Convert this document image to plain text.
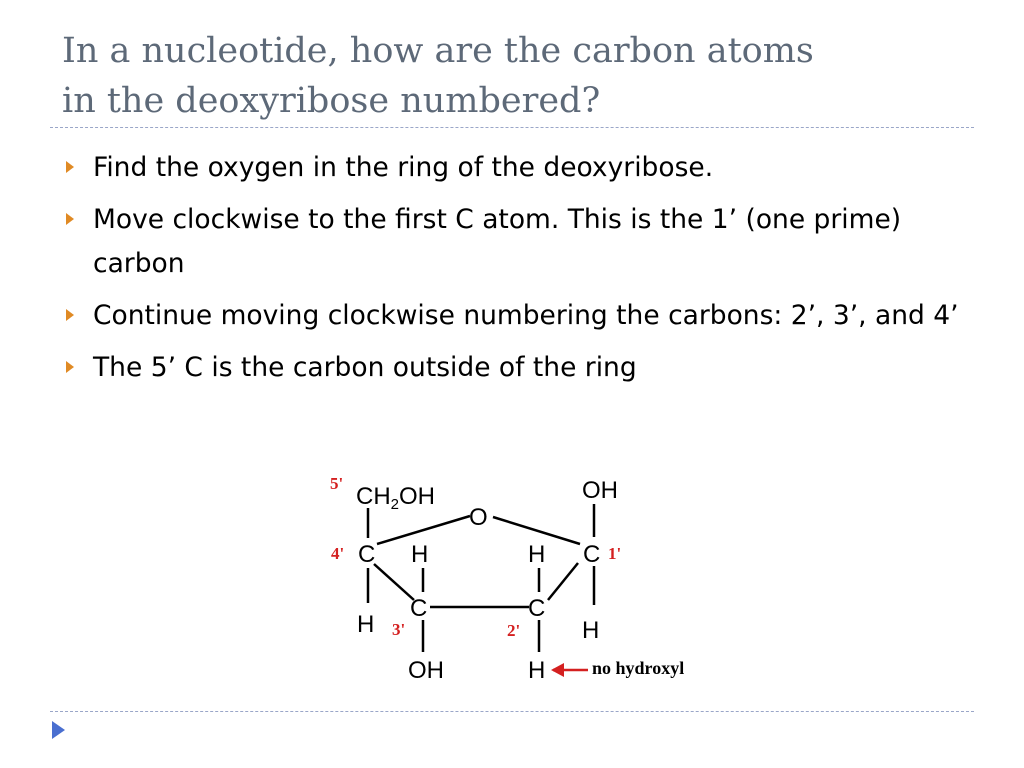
In a nucleotide, how are the carbon atoms
in the deoxyribose numbered?
Find the oxygen in the ring of the deoxyribose.
Move clockwise to the first C atom. This is the 1’ (one prime) carbon
Continue moving clockwise numbering the carbons: 2’, 3’, and 4’
The 5’ C is the carbon outside of the ring
$CH_2OH$
O
OH
C H	H C
C	C
H	H
OH	H
5'
4'	1'
3'	2'
no hydroxyl
